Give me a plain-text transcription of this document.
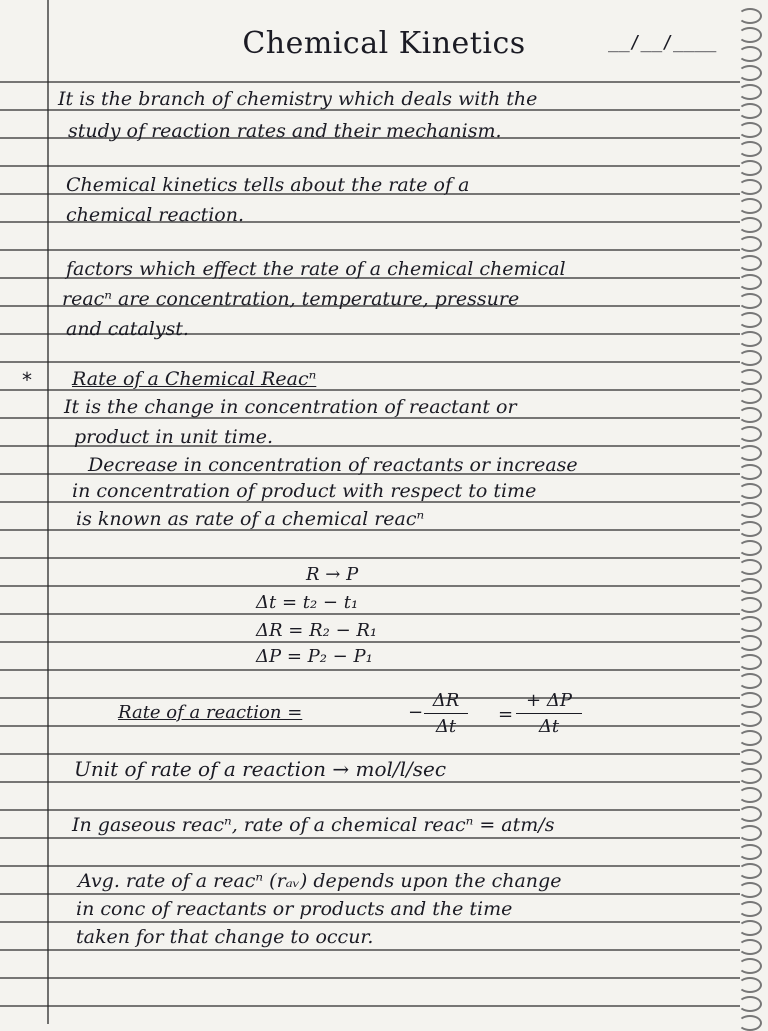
Chemical Kinetics	__/__/____
It is the branch of chemistry which deals with the
study of reaction rates and their mechanism.
Chemical kinetics tells about the rate of a
chemical reaction.
factors which effect the rate of a chemical chemical
reacⁿ are concentration, temperature, pressure
and catalyst.
* Rate of a Chemical Reacⁿ
It is the change in concentration of reactant or
product in unit time.
Decrease in concentration of reactants or increase
in concentration of product with respect to time
is known as rate of a chemical reacⁿ
R → P
Δt = t₂ − t₁
ΔR = R₂ − R₁
ΔP = P₂ − P₁
Rate of a reaction =	−
ΔR
Δt
=
+ ΔP
Δt
Unit of rate of a reaction → mol/l/sec
In gaseous reacⁿ, rate of a chemical reacⁿ = atm/s
Avg. rate of a reacⁿ (rₐᵥ) depends upon the change
in conc of reactants or products and the time
taken for that change to occur.
